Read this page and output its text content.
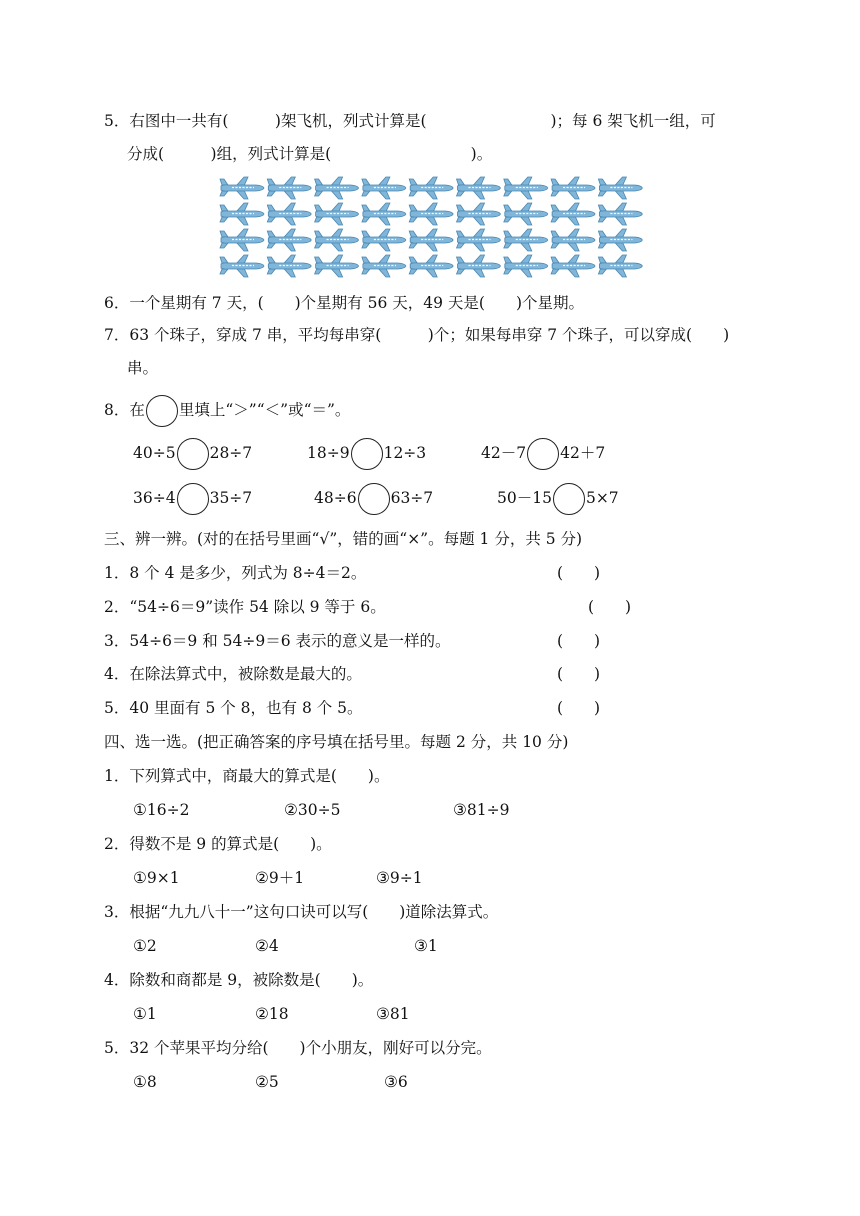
5．右图中一共有(　　　)架飞机，列式计算是(　　　　　　　　)；每 6 架飞机一组，可
分成(　　　)组，列式计算是(　　　　　　　　　)。
6．一个星期有 7 天，(　　)个星期有 56 天，49 天是(　　)个星期。
7．63 个珠子，穿成 7 串，平均每串穿(　　　)个；如果每串穿 7 个珠子，可以穿成(　　)
串。
8．在 里填上“＞”“＜”或“＝”。
40÷5 28÷7	18÷9 12÷3	42－7 42＋7
36÷4 35÷7	48÷6 63÷7	50－15 5×7
三、辨一辨。(对的在括号里画“√”，错的画“×”。每题 1 分，共 5 分)
1．8 个 4 是多少，列式为 8÷4＝2。	(　　)
2．“54÷6＝9”读作 54 除以 9 等于 6。	(　　)
3．54÷6＝9 和 54÷9＝6 表示的意义是一样的。	(　　)
4．在除法算式中，被除数是最大的。	(　　)
5．40 里面有 5 个 8，也有 8 个 5。	(　　)
四、选一选。(把正确答案的序号填在括号里。每题 2 分，共 10 分)
1．下列算式中，商最大的算式是(　　)。
①16÷2	②30÷5	③81÷9
2．得数不是 9 的算式是(　　)。
①9×1	②9＋1	③9÷1
3．根据“九九八十一”这句口诀可以写(　　)道除法算式。
①2	②4	③1
4．除数和商都是 9，被除数是(　　)。
①1	②18	③81
5．32 个苹果平均分给(　　)个小朋友，刚好可以分完。
①8	②5	③6
